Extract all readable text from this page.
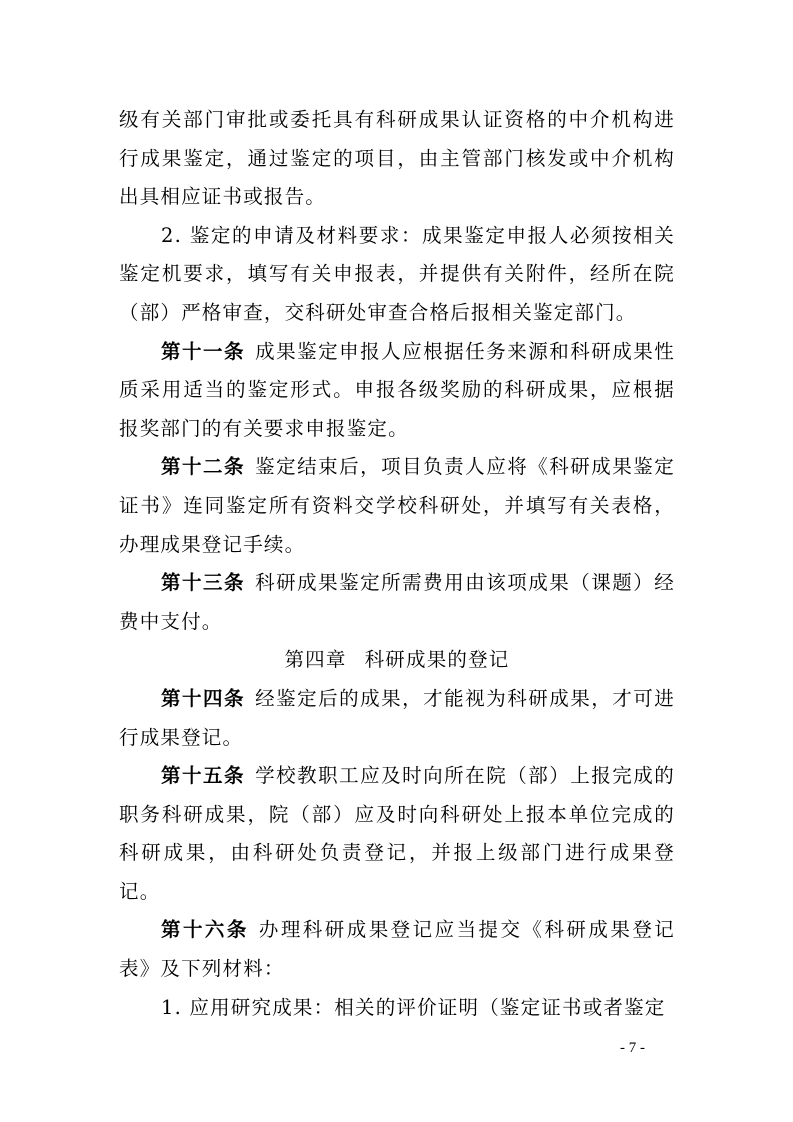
级有关部门审批或委托具有科研成果认证资格的中介机构进行成果鉴定，通过鉴定的项目，由主管部门核发或中介机构出具相应证书或报告。

2. 鉴定的申请及材料要求：成果鉴定申报人必须按相关鉴定机要求，填写有关申报表，并提供有关附件，经所在院（部）严格审查，交科研处审查合格后报相关鉴定部门。

第十一条 成果鉴定申报人应根据任务来源和科研成果性质采用适当的鉴定形式。申报各级奖励的科研成果，应根据报奖部门的有关要求申报鉴定。

第十二条 鉴定结束后，项目负责人应将《科研成果鉴定证书》连同鉴定所有资料交学校科研处，并填写有关表格，办理成果登记手续。

第十三条 科研成果鉴定所需费用由该项成果（课题）经费中支付。

第四章 科研成果的登记

第十四条 经鉴定后的成果，才能视为科研成果，才可进行成果登记。

第十五条 学校教职工应及时向所在院（部）上报完成的职务科研成果，院（部）应及时向科研处上报本单位完成的科研成果，由科研处负责登记，并报上级部门进行成果登记。

第十六条 办理科研成果登记应当提交《科研成果登记表》及下列材料：

1. 应用研究成果：相关的评价证明（鉴定证书或者鉴定

- 7 -
